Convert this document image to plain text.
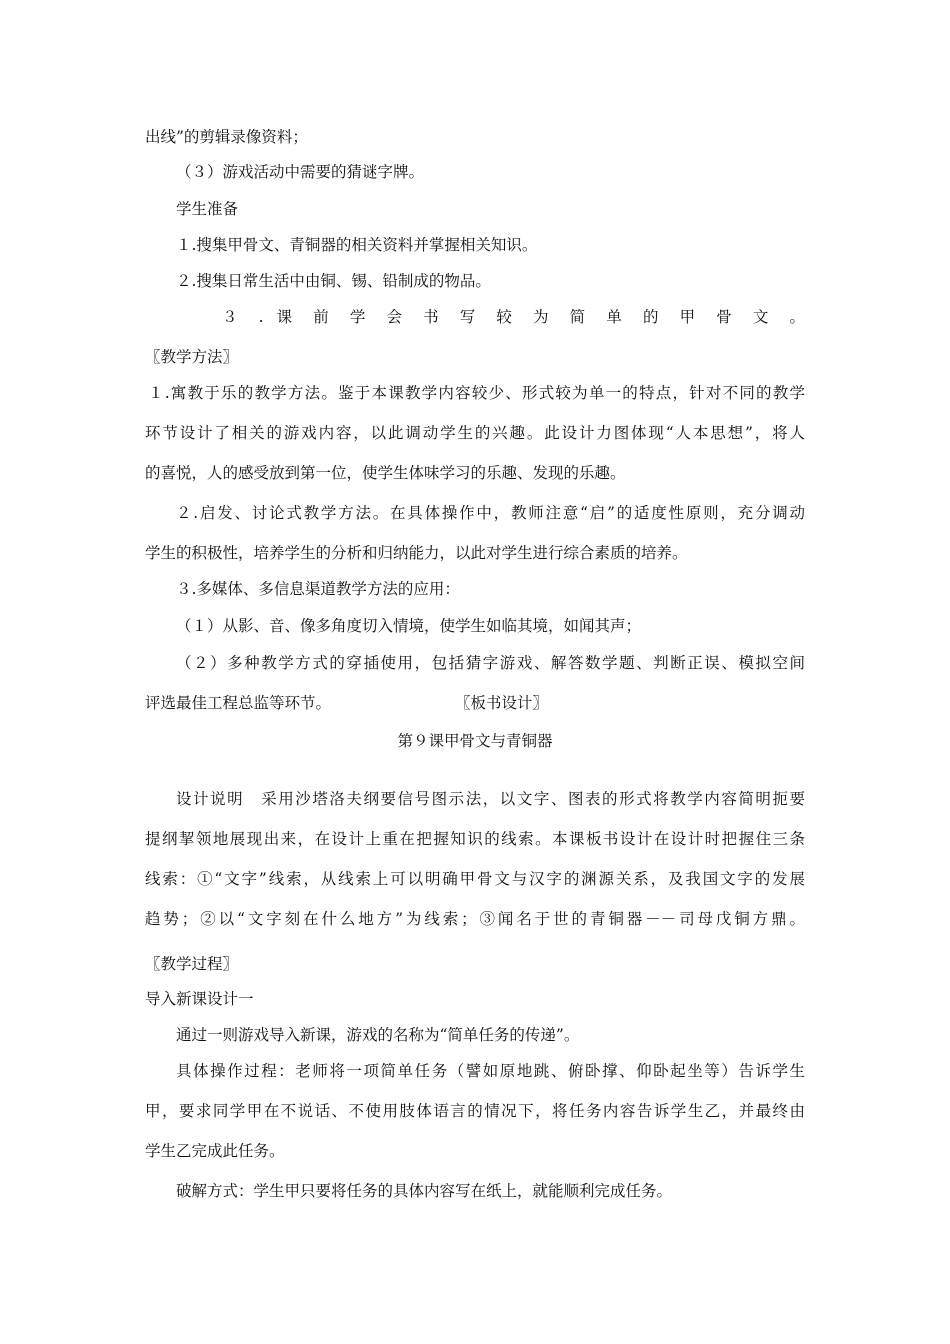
出线”的剪辑录像资料；
（３）游戏活动中需要的猜谜字牌。
学生准备
１.搜集甲骨文、青铜器的相关资料并掌握相关知识。
２.搜集日常生活中由铜、锡、铅制成的物品。
３ . 课 前 学 会 书 写 较 为 简 单 的 甲 骨 文 。
〖教学方法〗
１.寓教于乐的教学方法。鉴于本课教学内容较少、形式较为单一的特点，针对不同的教学
环节设计了相关的游戏内容，以此调动学生的兴趣。此设计力图体现“人本思想”，将人
的喜悦，人的感受放到第一位，使学生体味学习的乐趣、发现的乐趣。
２.启发、讨论式教学方法。在具体操作中，教师注意“启”的适度性原则，充分调动
学生的积极性，培养学生的分析和归纳能力，以此对学生进行综合素质的培养。
３.多媒体、多信息渠道教学方法的应用：
（１）从影、音、像多角度切入情境，使学生如临其境，如闻其声；
（２）多种教学方式的穿插使用，包括猜字游戏、解答数学题、判断正误、模拟空间
评选最佳工程总监等环节。	〖板书设计〗
第９课甲骨文与青铜器
设计说明　采用沙塔洛夫纲要信号图示法，以文字、图表的形式将教学内容简明扼要
提纲挈领地展现出来，在设计上重在把握知识的线索。本课板书设计在设计时把握住三条
线索：①“文字”线索，从线索上可以明确甲骨文与汉字的渊源关系，及我国文字的发展
趋势；②以“文字刻在什么地方”为线索；③闻名于世的青铜器－－司母戊铜方鼎。
〖教学过程〗
导入新课设计一
通过一则游戏导入新课，游戏的名称为“简单任务的传递”。
具体操作过程：老师将一项简单任务（譬如原地跳、俯卧撑、仰卧起坐等）告诉学生
甲，要求同学甲在不说话、不使用肢体语言的情况下，将任务内容告诉学生乙，并最终由
学生乙完成此任务。
破解方式：学生甲只要将任务的具体内容写在纸上，就能顺利完成任务。
